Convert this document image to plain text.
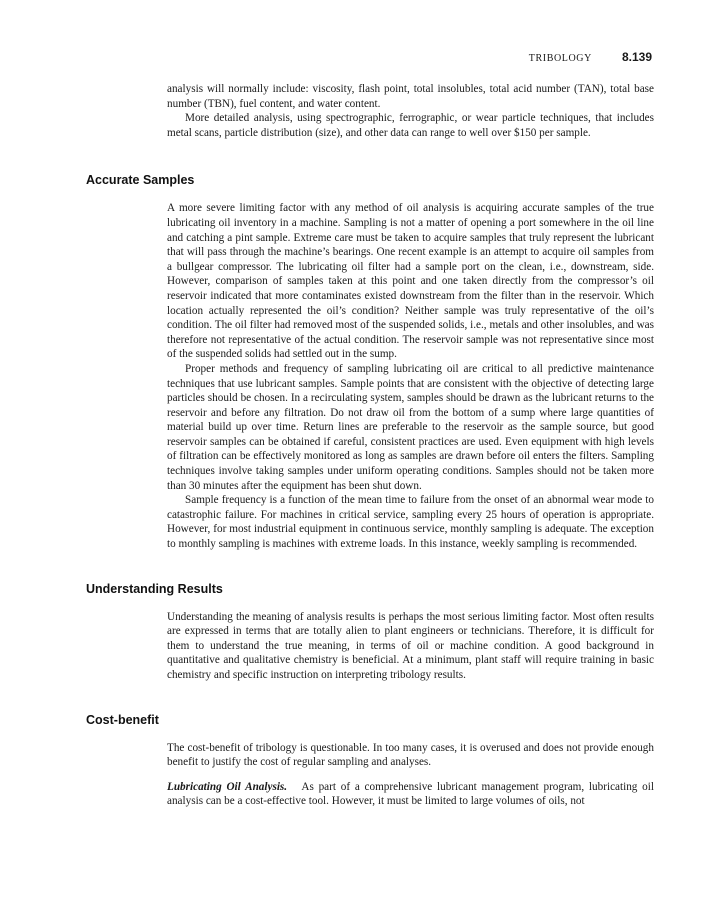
TRIBOLOGY	8.139

analysis will normally include: viscosity, flash point, total insolubles, total acid number (TAN), total base number (TBN), fuel content, and water content.

More detailed analysis, using spectrographic, ferrographic, or wear particle techniques, that includes metal scans, particle distribution (size), and other data can range to well over $150 per sample.

Accurate Samples

A more severe limiting factor with any method of oil analysis is acquiring accurate samples of the true lubricating oil inventory in a machine. Sampling is not a matter of opening a port somewhere in the oil line and catching a pint sample. Extreme care must be taken to acquire samples that truly represent the lubricant that will pass through the machine’s bearings. One recent example is an attempt to acquire oil samples from a bullgear compressor. The lubricating oil filter had a sample port on the clean, i.e., downstream, side. However, comparison of samples taken at this point and one taken directly from the compressor’s oil reservoir indicated that more contaminates existed downstream from the filter than in the reservoir. Which location actually represented the oil’s condition? Neither sample was truly representative of the oil’s condition. The oil filter had removed most of the suspended solids, i.e., metals and other insolubles, and was therefore not representative of the actual condition. The reservoir sample was not representative since most of the suspended solids had settled out in the sump.

Proper methods and frequency of sampling lubricating oil are critical to all predictive maintenance techniques that use lubricant samples. Sample points that are consistent with the objective of detecting large particles should be chosen. In a recirculating system, samples should be drawn as the lubricant returns to the reservoir and before any filtration. Do not draw oil from the bottom of a sump where large quantities of material build up over time. Return lines are preferable to the reservoir as the sample source, but good reservoir samples can be obtained if careful, consistent practices are used. Even equipment with high levels of filtration can be effectively monitored as long as samples are drawn before oil enters the filters. Sampling techniques involve taking samples under uniform operating conditions. Samples should not be taken more than 30 minutes after the equipment has been shut down.

Sample frequency is a function of the mean time to failure from the onset of an abnormal wear mode to catastrophic failure. For machines in critical service, sampling every 25 hours of operation is appropriate. However, for most industrial equipment in continuous service, monthly sampling is adequate. The exception to monthly sampling is machines with extreme loads. In this instance, weekly sampling is recommended.

Understanding Results

Understanding the meaning of analysis results is perhaps the most serious limiting factor. Most often results are expressed in terms that are totally alien to plant engineers or technicians. Therefore, it is difficult for them to understand the true meaning, in terms of oil or machine condition. A good background in quantitative and qualitative chemistry is beneficial. At a minimum, plant staff will require training in basic chemistry and specific instruction on interpreting tribology results.

Cost-benefit

The cost-benefit of tribology is questionable. In too many cases, it is overused and does not provide enough benefit to justify the cost of regular sampling and analyses.

Lubricating Oil Analysis. As part of a comprehensive lubricant management program, lubricating oil analysis can be a cost-effective tool. However, it must be limited to large volumes of oils, not
